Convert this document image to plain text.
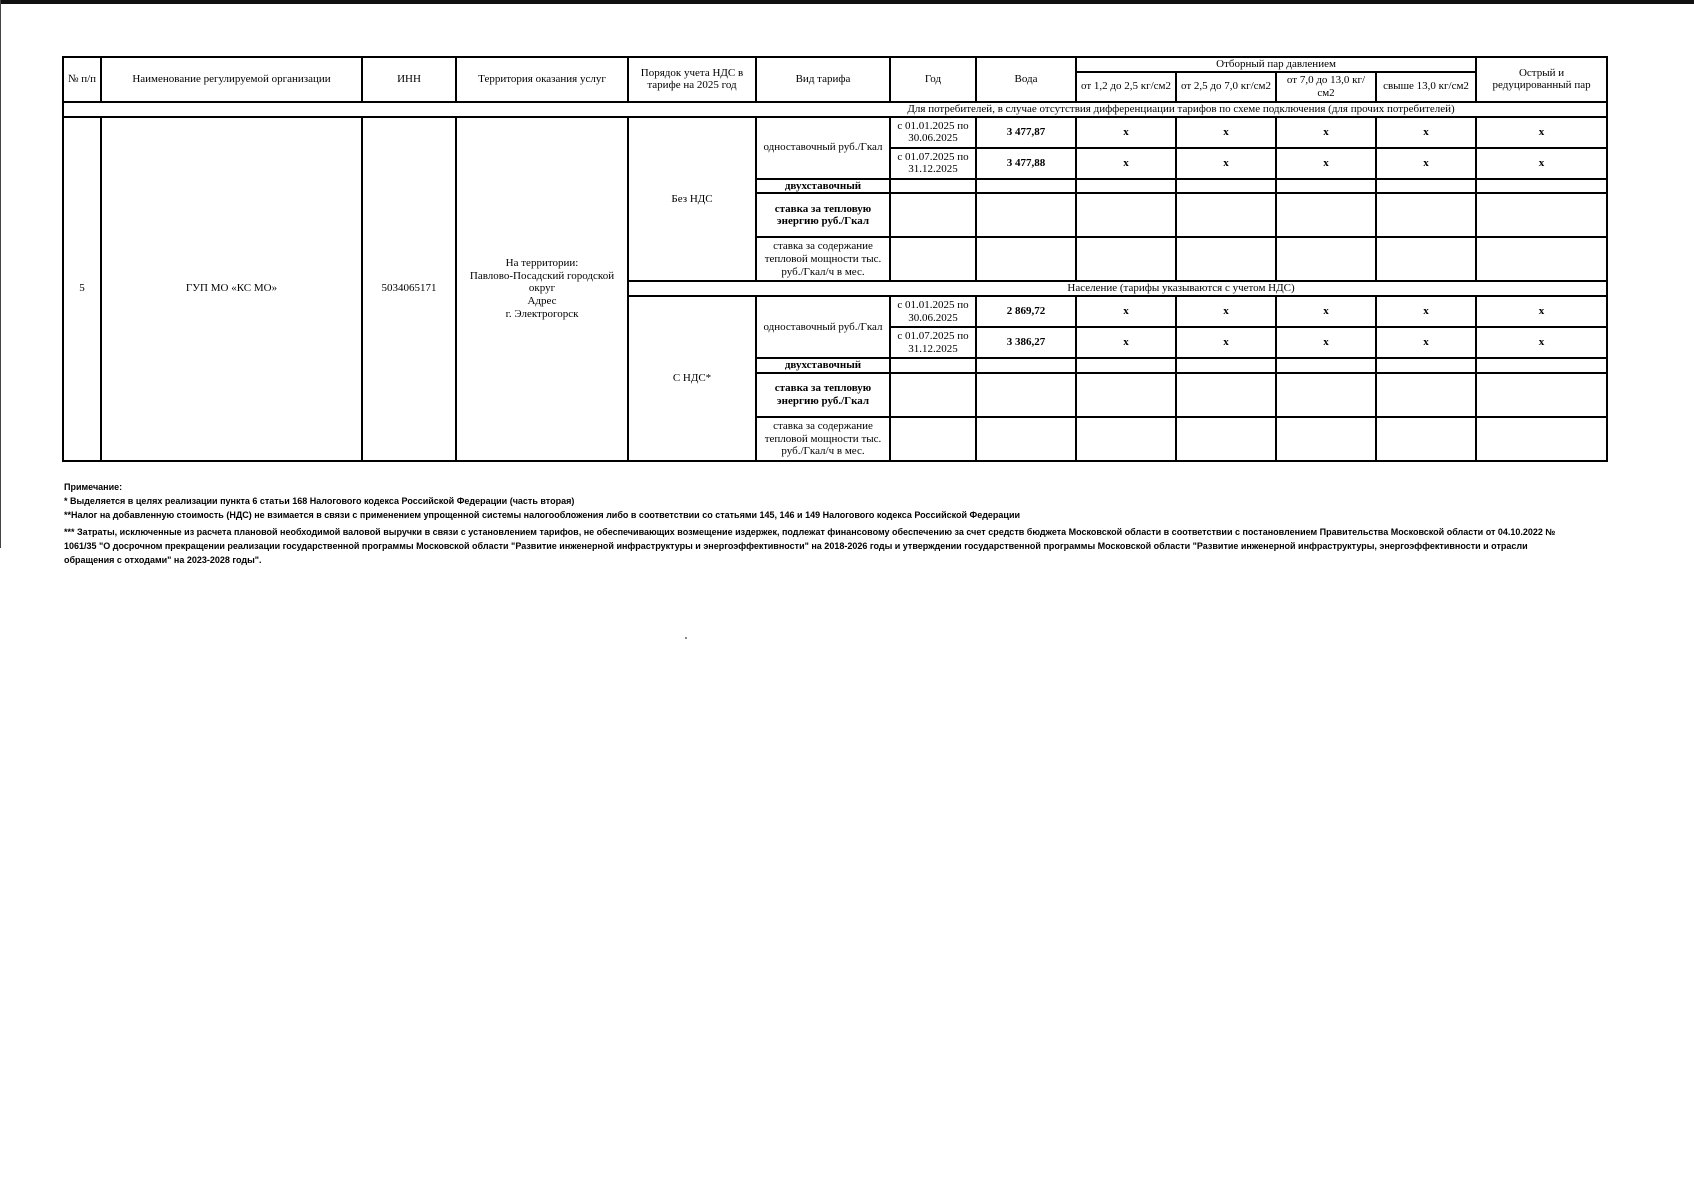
№ п/п	Наименование регулируемой организации	ИНН	Территория оказания услуг	Порядок учета НДС в тарифе на 2025 год	Вид тарифа	Год	Вода	Отборный пар давлением				Острый и редуцированный пар
								от 1,2 до 2,5 кг/см2	от 2,5 до 7,0 кг/см2	от 7,0 до 13,0 кг/см2	свыше 13,0 кг/см2	
					Для потребителей, в случае отсутствия дифференциации тарифов по схеме подключения (для прочих потребителей)							
5	ГУП МО «КС МО»	5034065171	На территории:
Павлово-Посадский городской округ
Адрес
г. Электрогорск	Без НДС	одноставочный руб./Гкал	с 01.01.2025 по 30.06.2025	3 477,87	х	х	х	х	х
						с 01.07.2025 по 31.12.2025	3 477,88	х	х	х	х	х
					двухставочный							
					ставка за тепловую энергию руб./Гкал							
					ставка за содержание тепловой мощности тыс. руб./Гкал/ч в мес.							
					Население (тарифы указываются с учетом НДС)							
				С НДС*	одноставочный руб./Гкал	с 01.01.2025 по 30.06.2025	2 869,72	х	х	х	х	х
						с 01.07.2025 по 31.12.2025	3 386,27	х	х	х	х	х
					двухставочный							
					ставка за тепловую энергию руб./Гкал							
					ставка за содержание тепловой мощности тыс. руб./Гкал/ч в мес.							

Примечание:
* Выделяется в целях реализации пункта 6 статьи 168 Налогового кодекса Российской Федерации (часть вторая)
**Налог на добавленную стоимость (НДС) не взимается в связи с применением упрощенной системы налогообложения либо в соответствии со статьями 145, 146 и 149 Налогового кодекса Российской Федерации
*** Затраты, исключенные из расчета плановой необходимой валовой выручки в связи с установлением тарифов, не обеспечивающих возмещение издержек, подлежат финансовому обеспечению за счет средств бюджета Московской области в соответствии с постановлением Правительства Московской области от 04.10.2022 № 1061/35 "О досрочном прекращении реализации государственной программы Московской области "Развитие инженерной инфраструктуры и энергоэффективности" на 2018-2026 годы и утверждении государственной программы Московской области "Развитие инженерной инфраструктуры, энергоэффективности и отрасли обращения с отходами" на 2023-2028 годы".
